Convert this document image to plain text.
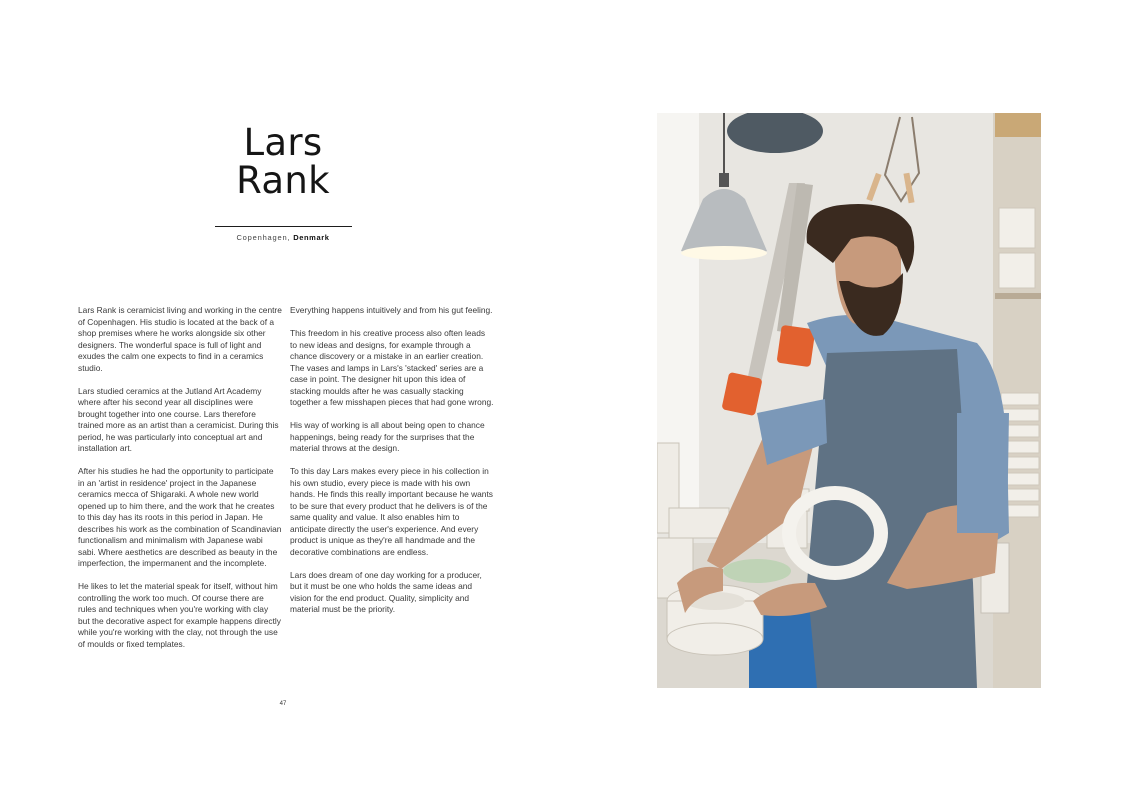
Lars
Rank
Copenhagen, Denmark

Lars Rank is ceramicist living and working in the centre of Copenhagen. His studio is located at the back of a shop premises where he works alongside six other designers. The wonderful space is full of light and exudes the calm one expects to find in a ceramics studio.

Lars studied ceramics at the Jutland Art Academy where after his second year all disciplines were brought together into one course. Lars therefore trained more as an artist than a ceramicist. During this period, he was particularly into conceptual art and installation art.

After his studies he had the opportunity to participate in an 'artist in residence' project in the Japanese ceramics mecca of Shigaraki. A whole new world opened up to him there, and the work that he creates to this day has its roots in this period in Japan. He describes his work as the combination of Scandinavian functionalism and minimalism with Japanese wabi sabi. Where aesthetics are described as beauty in the imperfection, the impermanent and the incomplete.

He likes to let the material speak for itself, without him controlling the work too much. Of course there are rules and techniques when you're working with clay but the decorative aspect for example happens directly while you're working with the clay, not through the use of moulds or fixed templates.

Everything happens intuitively and from his gut feeling.

This freedom in his creative process also often leads to new ideas and designs, for example through a chance discovery or a mistake in an earlier creation. The vases and lamps in Lars's 'stacked' series are a case in point. The designer hit upon this idea of stacking moulds after he was casually stacking together a few misshapen pieces that had gone wrong.

His way of working is all about being open to chance happenings, being ready for the surprises that the material throws at the design.

To this day Lars makes every piece in his collection in his own studio, every piece is made with his own hands. He finds this really important because he wants to be sure that every product that he delivers is of the same quality and value. It also enables him to anticipate directly the user's experience. And every product is unique as they're all handmade and the decorative combinations are endless.

Lars does dream of one day working for a producer, but it must be one who holds the same ideas and vision for the end product. Quality, simplicity and material must be the priority.

47
